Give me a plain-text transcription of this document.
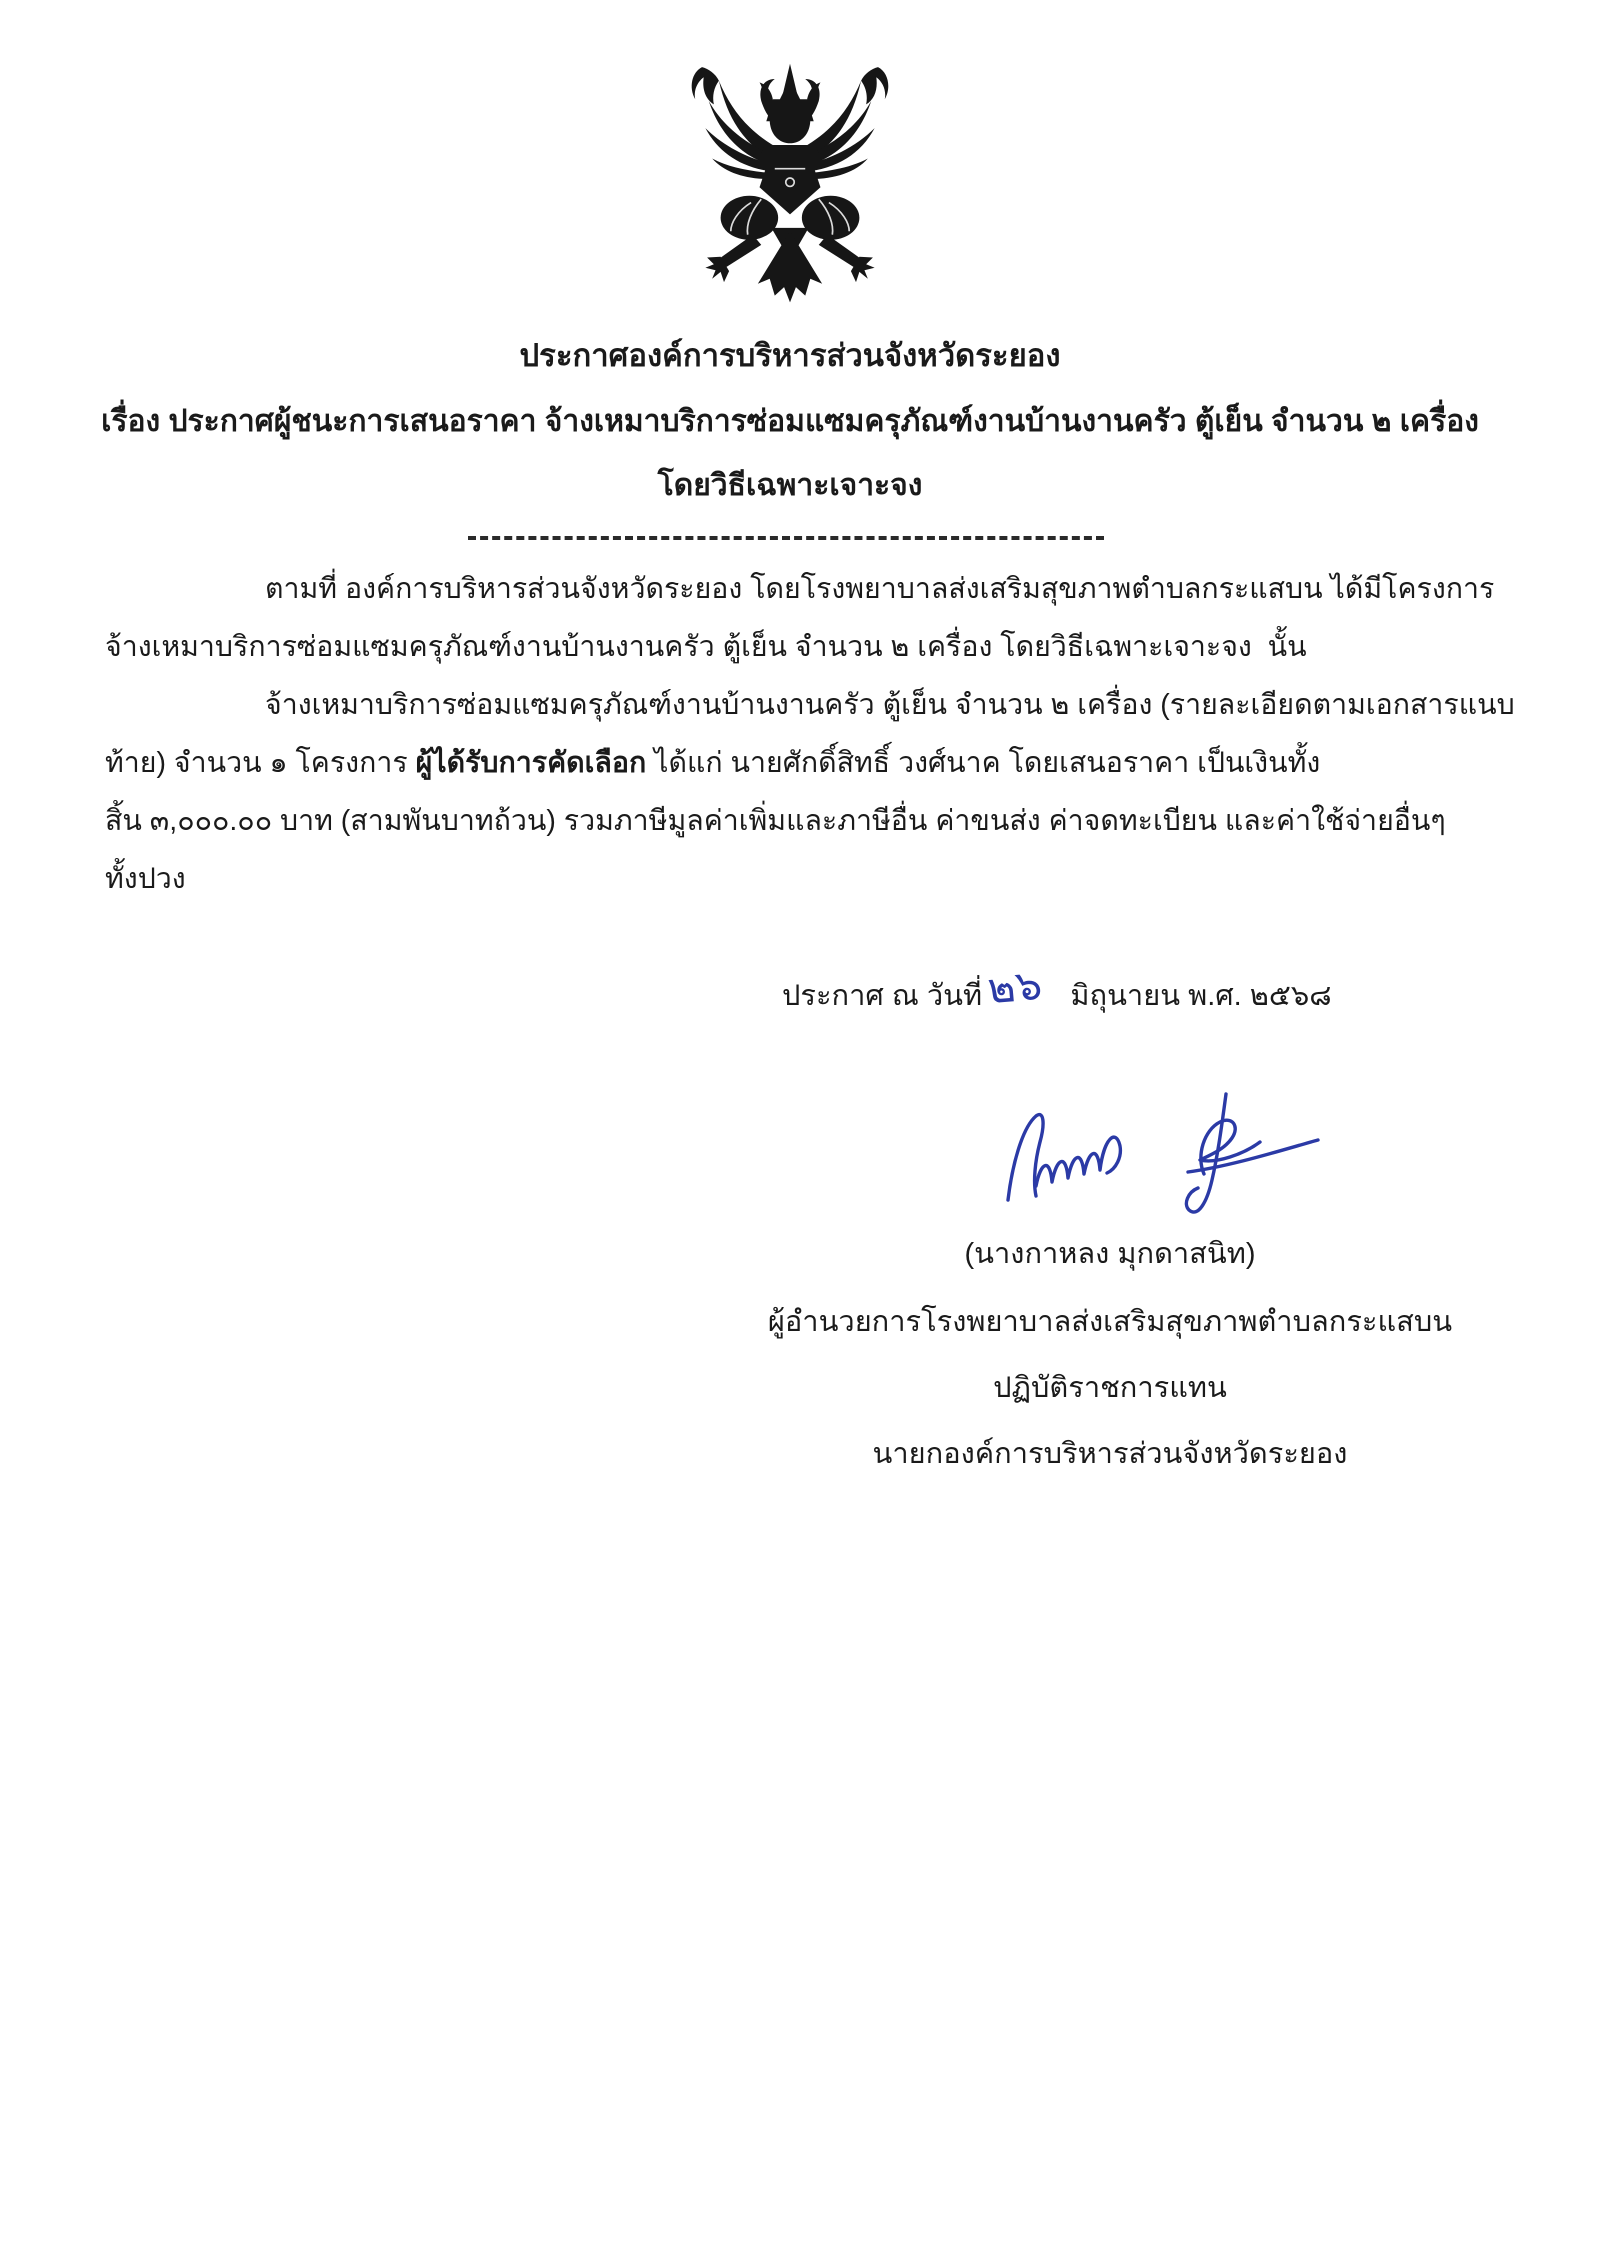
ประกาศองค์การบริหารส่วนจังหวัดระยอง
เรื่อง ประกาศผู้ชนะการเสนอราคา จ้างเหมาบริการซ่อมแซมครุภัณฑ์งานบ้านงานครัว ตู้เย็น จำนวน ๒ เครื่อง
โดยวิธีเฉพาะเจาะจง
ตามที่ องค์การบริหารส่วนจังหวัดระยอง โดยโรงพยาบาลส่งเสริมสุขภาพตำบลกระแสบน ได้มีโครงการ
จ้างเหมาบริการซ่อมแซมครุภัณฑ์งานบ้านงานครัว ตู้เย็น จำนวน ๒ เครื่อง โดยวิธีเฉพาะเจาะจง  นั้น
จ้างเหมาบริการซ่อมแซมครุภัณฑ์งานบ้านงานครัว ตู้เย็น จำนวน ๒ เครื่อง (รายละเอียดตามเอกสารแนบ
ท้าย) จำนวน ๑ โครงการ ผู้ได้รับการคัดเลือก ได้แก่ นายศักดิ์สิทธิ์ วงศ์นาค โดยเสนอราคา เป็นเงินทั้ง
สิ้น ๓,๐๐๐.๐๐ บาท (สามพันบาทถ้วน) รวมภาษีมูลค่าเพิ่มและภาษีอื่น ค่าขนส่ง ค่าจดทะเบียน และค่าใช้จ่ายอื่นๆ
ทั้งปวง
ประกาศ ณ วันที่๒๖ มิถุนายน พ.ศ. ๒๕๖๘
(นางกาหลง มุกดาสนิท)
ผู้อำนวยการโรงพยาบาลส่งเสริมสุขภาพตำบลกระแสบน
ปฏิบัติราชการแทน
นายกองค์การบริหารส่วนจังหวัดระยอง
